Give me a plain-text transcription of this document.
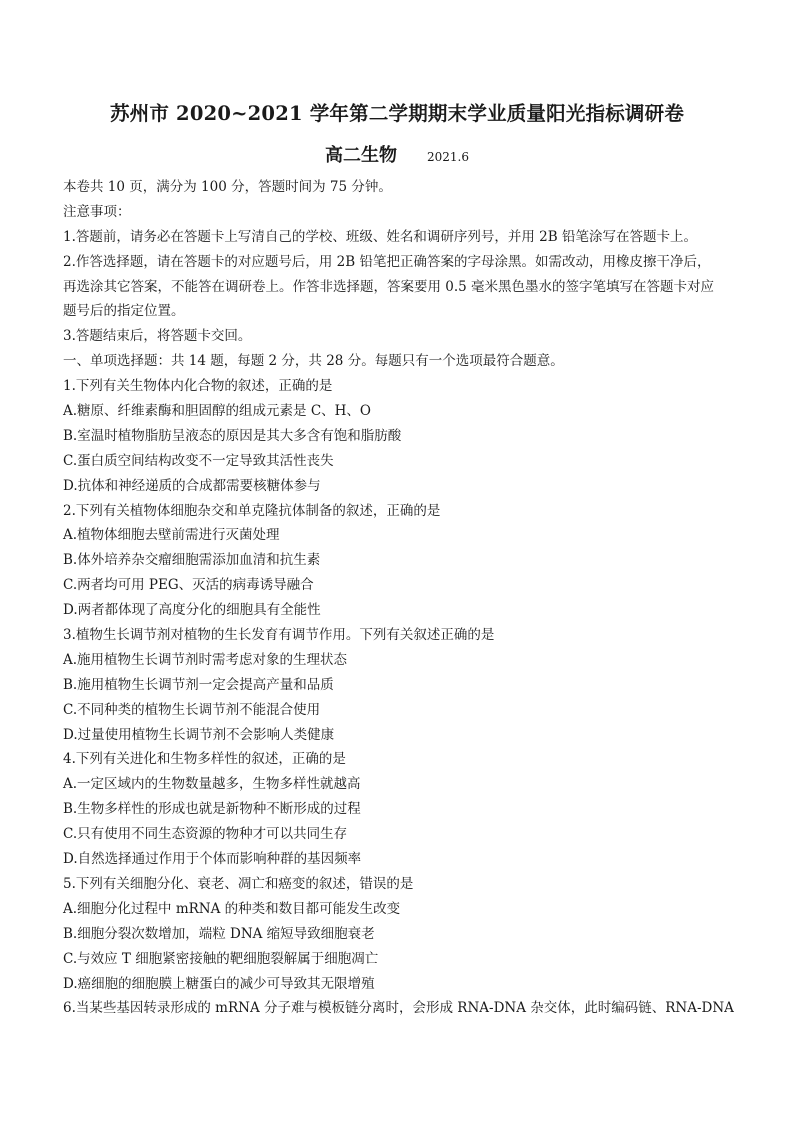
苏州市 2020~2021 学年第二学期期末学业质量阳光指标调研卷
高二生物	2021.6
本卷共 10 页，满分为 100 分，答题时间为 75 分钟。
注意事项：
1.答题前，请务必在答题卡上写清自己的学校、班级、姓名和调研序列号，并用 2B 铅笔涂写在答题卡上。
2.作答选择题，请在答题卡的对应题号后，用 2B 铅笔把正确答案的字母涂黑。如需改动，用橡皮擦干净后，
再选涂其它答案，不能答在调研卷上。作答非选择题，答案要用 0.5 毫米黑色墨水的签字笔填写在答题卡对应
题号后的指定位置。
3.答题结束后，将答题卡交回。
一、单项选择题：共 14 题，每题 2 分，共 28 分。每题只有一个选项最符合题意。
1.下列有关生物体内化合物的叙述，正确的是
A.糖原、纤维素酶和胆固醇的组成元素是 C、H、O
B.室温时植物脂肪呈液态的原因是其大多含有饱和脂肪酸
C.蛋白质空间结构改变不一定导致其活性丧失
D.抗体和神经递质的合成都需要核糖体参与
2.下列有关植物体细胞杂交和单克隆抗体制备的叙述，正确的是
A.植物体细胞去壁前需进行灭菌处理
B.体外培养杂交瘤细胞需添加血清和抗生素
C.两者均可用 PEG、灭活的病毒诱导融合
D.两者都体现了高度分化的细胞具有全能性
3.植物生长调节剂对植物的生长发育有调节作用。下列有关叙述正确的是
A.施用植物生长调节剂时需考虑对象的生理状态
B.施用植物生长调节剂一定会提高产量和品质
C.不同种类的植物生长调节剂不能混合使用
D.过量使用植物生长调节剂不会影响人类健康
4.下列有关进化和生物多样性的叙述，正确的是
A.一定区域内的生物数量越多，生物多样性就越高
B.生物多样性的形成也就是新物种不断形成的过程
C.只有使用不同生态资源的物种才可以共同生存
D.自然选择通过作用于个体而影响种群的基因频率
5.下列有关细胞分化、衰老、凋亡和癌变的叙述，错误的是
A.细胞分化过程中 mRNA 的种类和数目都可能发生改变
B.细胞分裂次数增加，端粒 DNA 缩短导致细胞衰老
C.与效应 T 细胞紧密接触的靶细胞裂解属于细胞凋亡
D.癌细胞的细胞膜上糖蛋白的减少可导致其无限增殖
6.当某些基因转录形成的 mRNA 分子难与模板链分离时，会形成 RNA-DNA 杂交体，此时编码链、RNA-DNA
